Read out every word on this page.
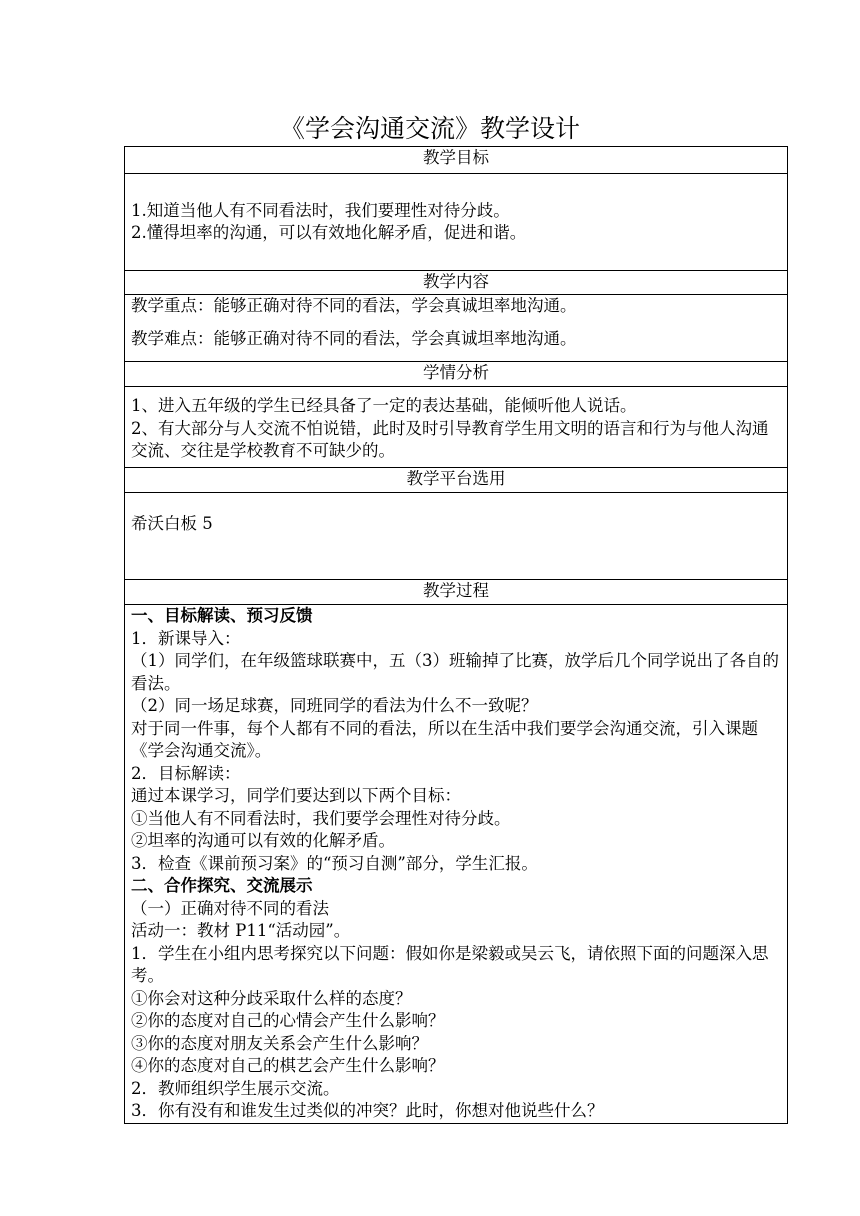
《学会沟通交流》教学设计
教学目标

1.知道当他人有不同看法时，我们要理性对待分歧。
2.懂得坦率的沟通，可以有效地化解矛盾，促进和谐。

教学内容

教学重点：能够正确对待不同的看法，学会真诚坦率地沟通。
教学难点：能够正确对待不同的看法，学会真诚坦率地沟通。

学情分析

1、进入五年级的学生已经具备了一定的表达基础，能倾听他人说话。
2、有大部分与人交流不怕说错，此时及时引导教育学生用文明的语言和行为与他人沟通交流、交往是学校教育不可缺少的。

教学平台选用

希沃白板 5

教学过程

一、目标解读、预习反馈
1．新课导入：
（1）同学们，在年级篮球联赛中，五（3）班输掉了比赛，放学后几个同学说出了各自的看法。
（2）同一场足球赛，同班同学的看法为什么不一致呢？
对于同一件事，每个人都有不同的看法，所以在生活中我们要学会沟通交流，引入课题《学会沟通交流》。
2．目标解读：
通过本课学习，同学们要达到以下两个目标：
①当他人有不同看法时，我们要学会理性对待分歧。
②坦率的沟通可以有效的化解矛盾。
3．检查《课前预习案》的“预习自测”部分，学生汇报。
二、合作探究、交流展示
（一）正确对待不同的看法
活动一：教材 P11“活动园”。
1．学生在小组内思考探究以下问题：假如你是梁毅或吴云飞，请依照下面的问题深入思考。
①你会对这种分歧采取什么样的态度？
②你的态度对自己的心情会产生什么影响？
③你的态度对朋友关系会产生什么影响？
④你的态度对自己的棋艺会产生什么影响？
2．教师组织学生展示交流。
3．你有没有和谁发生过类似的冲突？此时，你想对他说些什么？
